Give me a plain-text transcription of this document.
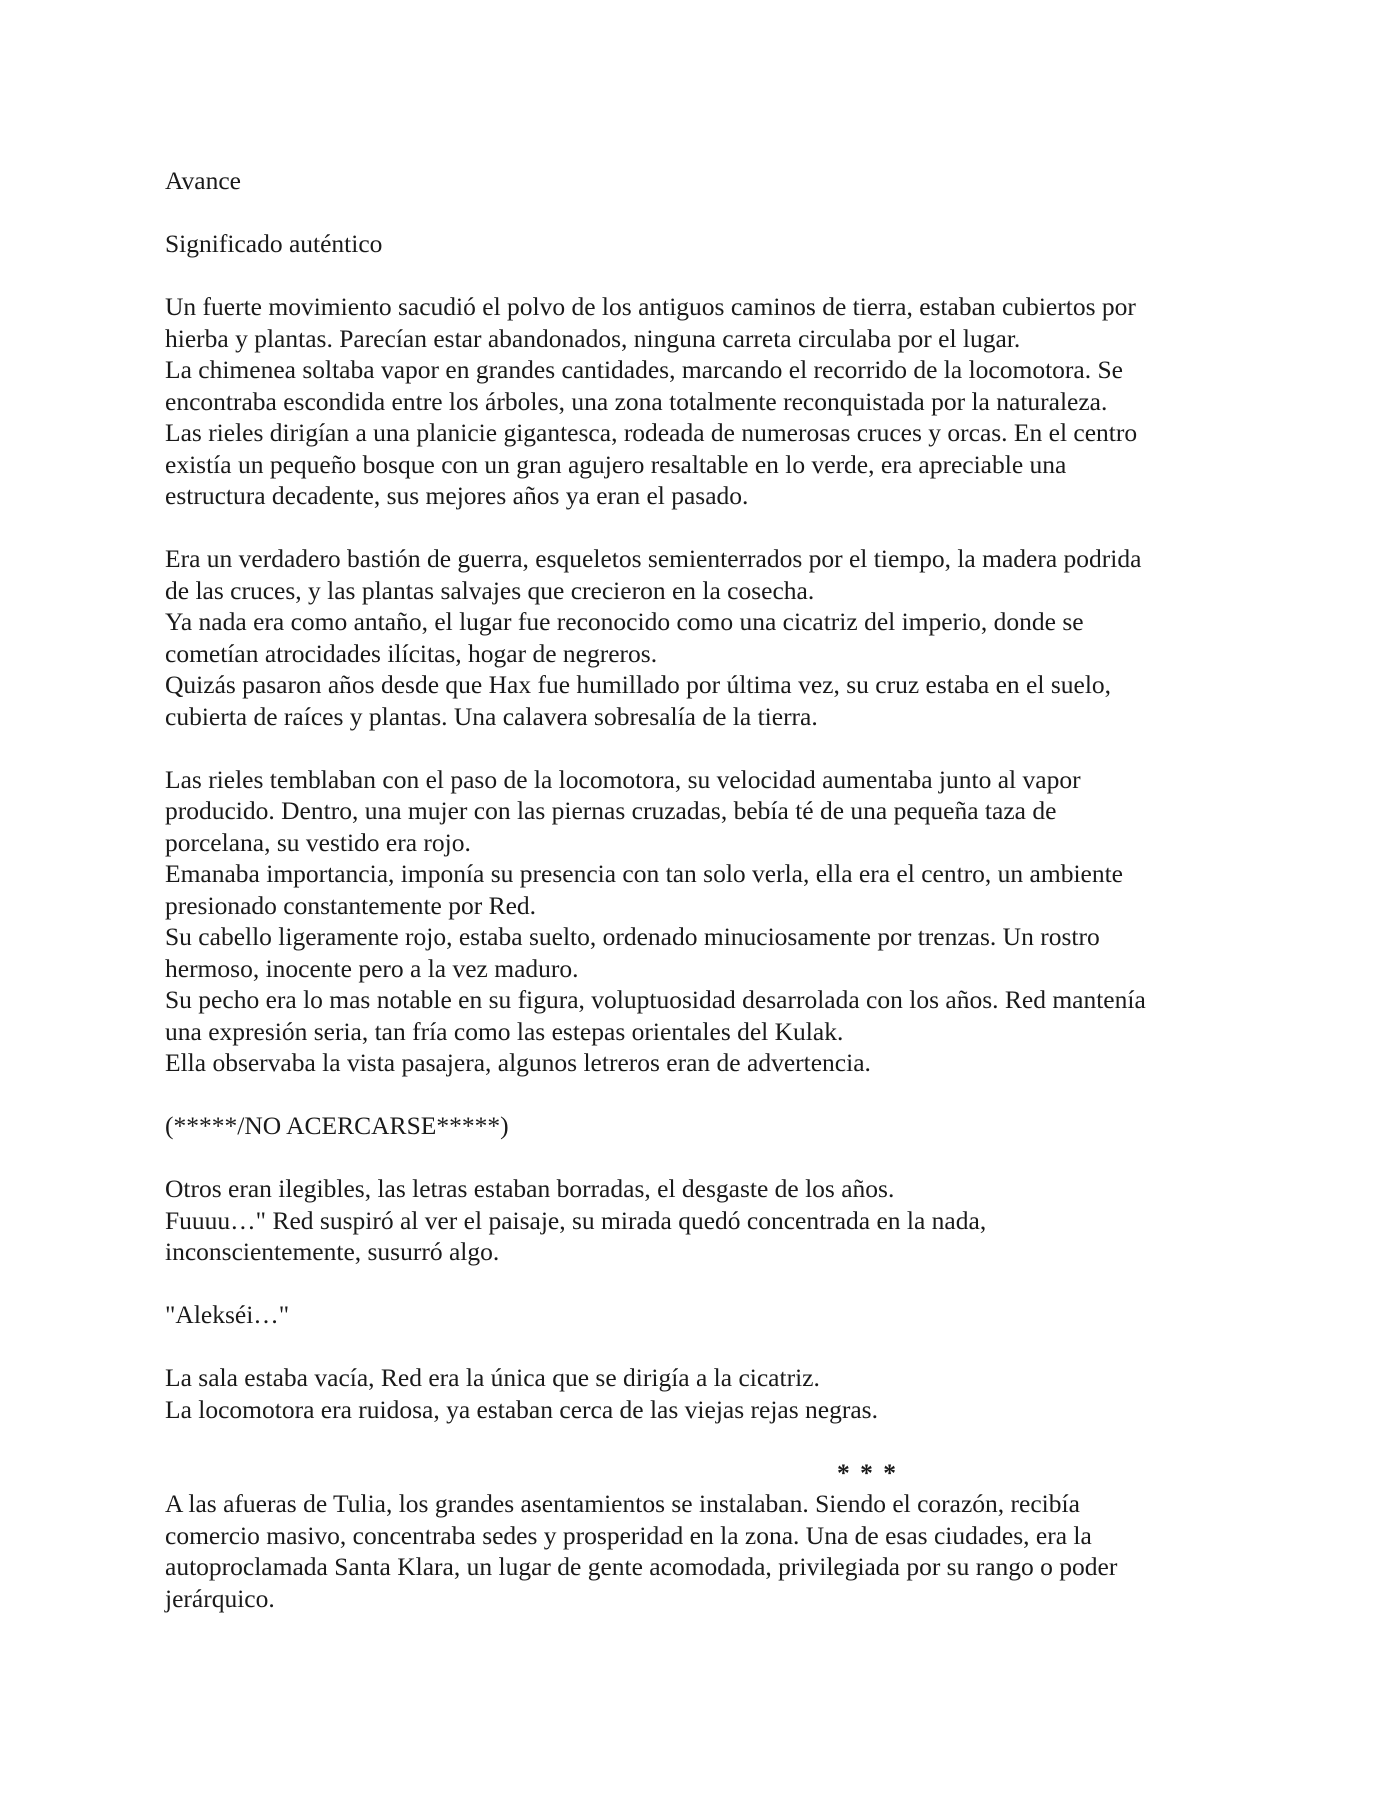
Avance
Significado auténtico
Un fuerte movimiento sacudió el polvo de los antiguos caminos de tierra, estaban cubiertos por
hierba y plantas. Parecían estar abandonados, ninguna carreta circulaba por el lugar.
La chimenea soltaba vapor en grandes cantidades, marcando el recorrido de la locomotora. Se
encontraba escondida entre los árboles, una zona totalmente reconquistada por la naturaleza.
Las rieles dirigían a una planicie gigantesca, rodeada de numerosas cruces y orcas. En el centro
existía un pequeño bosque con un gran agujero resaltable en lo verde, era apreciable una
estructura decadente, sus mejores años ya eran el pasado.
Era un verdadero bastión de guerra, esqueletos semienterrados por el tiempo, la madera podrida
de las cruces, y las plantas salvajes que crecieron en la cosecha.
Ya nada era como antaño, el lugar fue reconocido como una cicatriz del imperio, donde se
cometían atrocidades ilícitas, hogar de negreros.
Quizás pasaron años desde que Hax fue humillado por última vez, su cruz estaba en el suelo,
cubierta de raíces y plantas. Una calavera sobresalía de la tierra.
Las rieles temblaban con el paso de la locomotora, su velocidad aumentaba junto al vapor
producido. Dentro, una mujer con las piernas cruzadas, bebía té de una pequeña taza de
porcelana, su vestido era rojo.
Emanaba importancia, imponía su presencia con tan solo verla, ella era el centro, un ambiente
presionado constantemente por Red.
Su cabello ligeramente rojo, estaba suelto, ordenado minuciosamente por trenzas. Un rostro
hermoso, inocente pero a la vez maduro.
Su pecho era lo mas notable en su figura, voluptuosidad desarrolada con los años. Red mantenía
una expresión seria, tan fría como las estepas orientales del Kulak.
Ella observaba la vista pasajera, algunos letreros eran de advertencia.
(*****/NO ACERCARSE*****)
Otros eran ilegibles, las letras estaban borradas, el desgaste de los años.
Fuuuu…" Red suspiró al ver el paisaje, su mirada quedó concentrada en la nada,
inconscientemente, susurró algo.
"Alekséi…"
La sala estaba vacía, Red era la única que se dirigía a la cicatriz.
La locomotora era ruidosa, ya estaban cerca de las viejas rejas negras.
* * *
A las afueras de Tulia, los grandes asentamientos se instalaban. Siendo el corazón, recibía
comercio masivo, concentraba sedes y prosperidad en la zona. Una de esas ciudades, era la
autoproclamada Santa Klara, un lugar de gente acomodada, privilegiada por su rango o poder
jerárquico.
